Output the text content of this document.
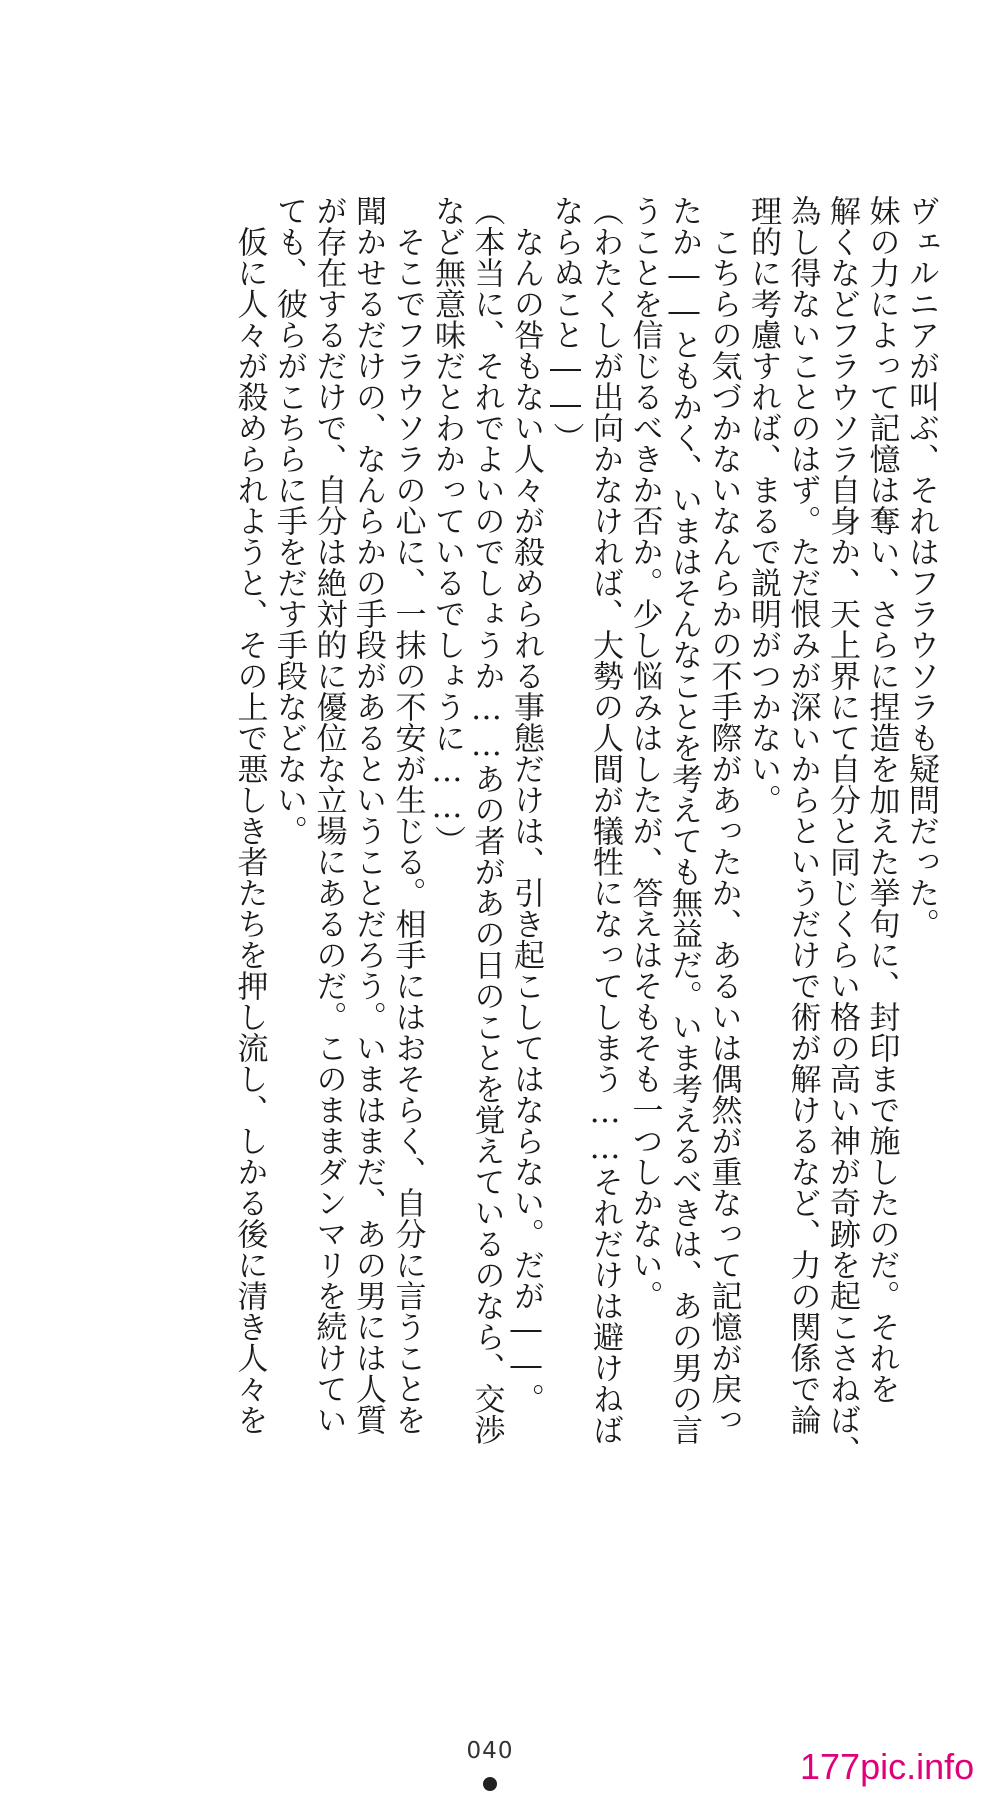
ヴェルニアが叫ぶ、それはフラウソラも疑問だった。
妹の力によって記憶は奪い、さらに捏造を加えた挙句に、封印まで施したのだ。それを
解くなどフラウソラ自身か、天上界にて自分と同じくらい格の高い神が奇跡を起こさねば、
為し得ないことのはず。ただ恨みが深いからというだけで術が解けるなど、力の関係で論
理的に考慮すれば、まるで説明がつかない。
　こちらの気づかないなんらかの不手際があったか、あるいは偶然が重なって記憶が戻っ
たか――ともかく、いまはそんなことを考えても無益だ。いま考えるべきは、あの男の言
うことを信じるべきか否か。少し悩みはしたが、答えはそもそも一つしかない。
（わたくしが出向かなければ、大勢の人間が犠牲になってしまう……それだけは避けねば
ならぬこと――）
　なんの咎もない人々が殺められる事態だけは、引き起こしてはならない。だが――。
（本当に、それでよいのでしょうか……あの者があの日のことを覚えているのなら、交渉
など無意味だとわかっているでしょうに……）
　そこでフラウソラの心に、一抹の不安が生じる。相手にはおそらく、自分に言うことを
聞かせるだけの、なんらかの手段があるということだろう。いまはまだ、あの男には人質
が存在するだけで、自分は絶対的に優位な立場にあるのだ。このままダンマリを続けてい
ても、彼らがこちらに手をだす手段などない。
　仮に人々が殺められようと、その上で悪しき者たちを押し流し、しかる後に清き人々を
040	177pic.info
